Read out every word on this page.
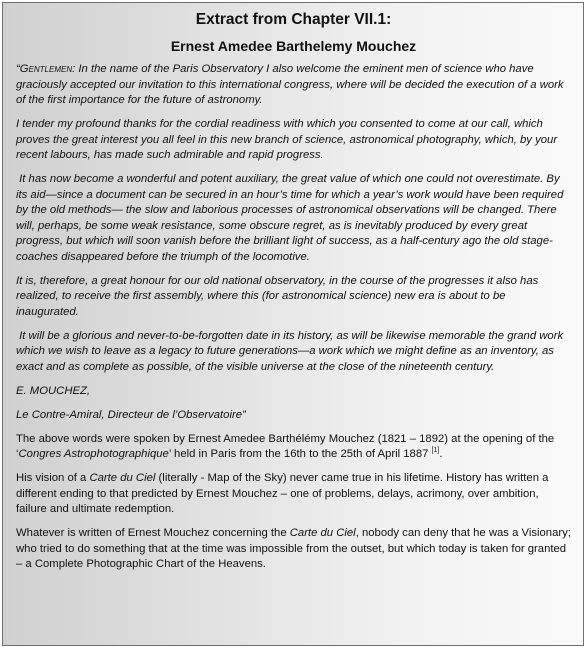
Extract from Chapter VII.1:
Ernest Amedee Barthelemy Mouchez

“Gentlemen: In the name of the Paris Observatory I also welcome the eminent men of science who have graciously accepted our invitation to this international congress, where will be decided the execution of a work of the first importance for the future of astronomy.

I tender my profound thanks for the cordial readiness with which you consented to come at our call, which proves the great interest you all feel in this new branch of science, astronomical photography, which, by your recent labours, has made such admirable and rapid progress.

It has now become a wonderful and potent auxiliary, the great value of which one could not overestimate. By its aid—since a document can be secured in an hour’s time for which a year’s work would have been required by the old methods— the slow and laborious processes of astronomical observations will be changed. There will, perhaps, be some weak resistance, some obscure regret, as is inevitably produced by every great progress, but which will soon vanish before the brilliant light of success, as a half-century ago the old stage-coaches disappeared before the triumph of the locomotive.

It is, therefore, a great honour for our old national observatory, in the course of the progresses it also has realized, to receive the first assembly, where this (for astronomical science) new era is about to be inaugurated.

It will be a glorious and never-to-be-forgotten date in its history, as will be likewise memorable the grand work which we wish to leave as a legacy to future generations—a work which we might define as an inventory, as exact and as complete as possible, of the visible universe at the close of the nineteenth century.

E. MOUCHEZ,

Le Contre-Amiral, Directeur de l’Observatoire”

The above words were spoken by Ernest Amedee Barthélémy Mouchez (1821 – 1892) at the opening of the ‘Congres Astrophotographique’ held in Paris from the 16th to the 25th of April 1887 [1].

His vision of a Carte du Ciel (literally - Map of the Sky) never came true in his lifetime. History has written a different ending to that predicted by Ernest Mouchez – one of problems, delays, acrimony, over ambition, failure and ultimate redemption.

Whatever is written of Ernest Mouchez concerning the Carte du Ciel, nobody can deny that he was a Visionary; who tried to do something that at the time was impossible from the outset, but which today is taken for granted – a Complete Photographic Chart of the Heavens.
